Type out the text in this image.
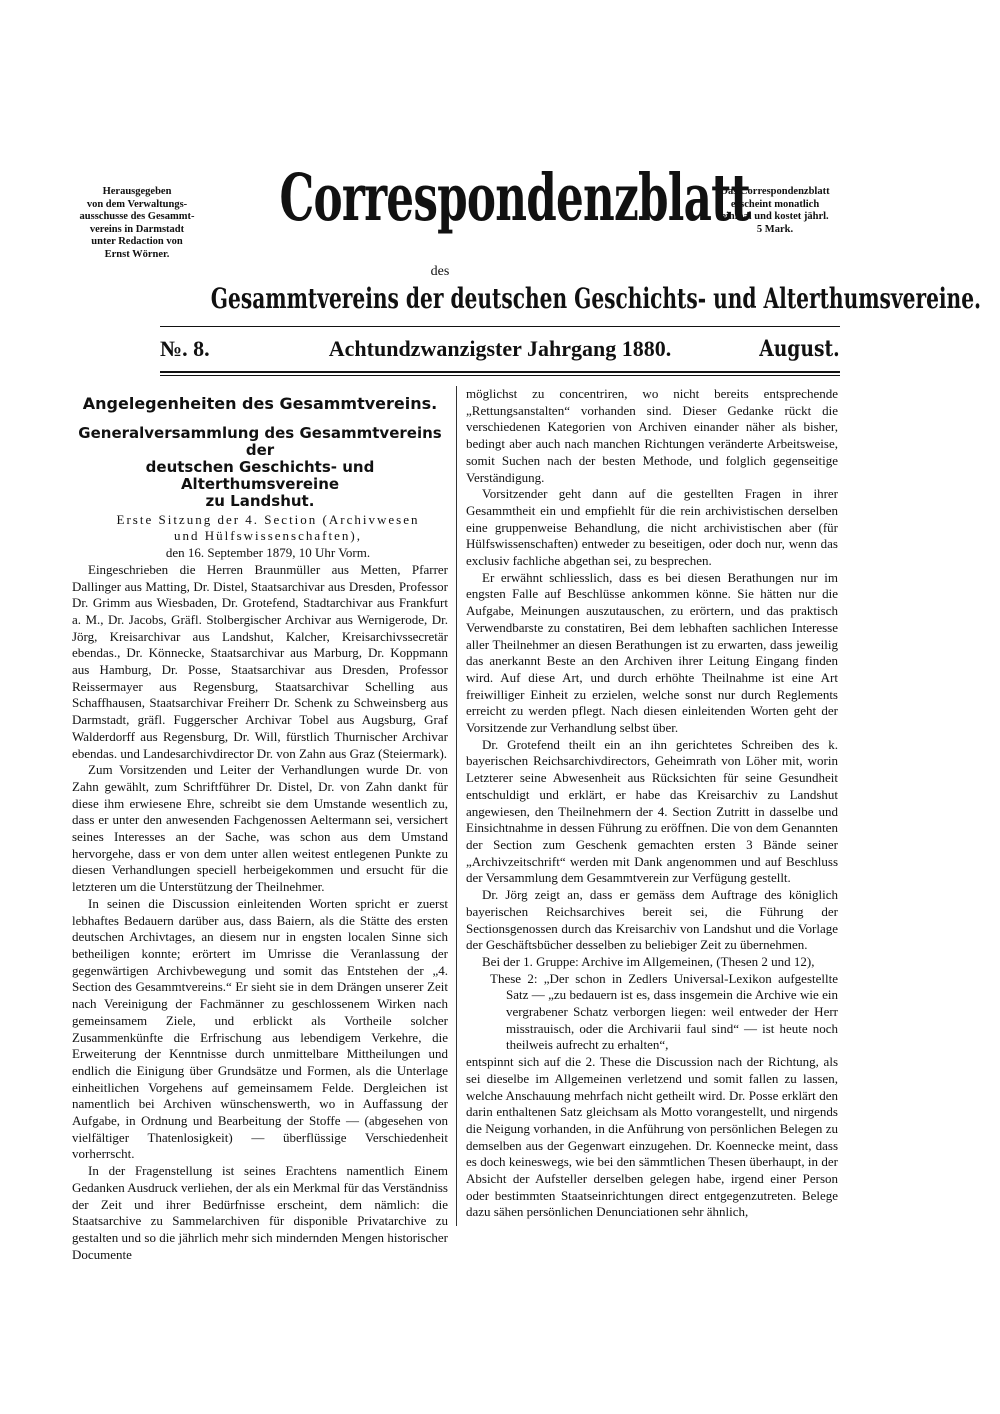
Herausgegeben
von dem Verwaltungs-
ausschusse des Gesammt-
vereins in Darmstadt
unter Redaction von
Ernst Wörner.
Correspondenzblatt
Das Correspondenzblatt
erscheint monatlich
einmal und kostet jährl.
5 Mark.
des
Gesammtvereins der deutschen Geschichts- und Alterthumsvereine.
№. 8.	Achtundzwanzigster Jahrgang 1880.	August.
Angelegenheiten des Gesammtvereins.
Generalversammlung des Gesammtvereins der
deutschen Geschichts- und Alterthumsvereine
zu Landshut.

Erste Sitzung der 4. Section (Archivwesen

und Hülfswissenschaften),

den 16. September 1879, 10 Uhr Vorm.

Eingeschrieben die Herren Braunmüller aus Metten, Pfarrer Dallinger aus Matting, Dr. Distel, Staatsarchivar aus Dresden, Professor Dr. Grimm aus Wiesbaden, Dr. Grotefend, Stadtarchivar aus Frankfurt a. M., Dr. Jacobs, Gräfl. Stolbergischer Archivar aus Wernigerode, Dr. Jörg, Kreisarchivar aus Landshut, Kalcher, Kreisarchivssecretär ebendas., Dr. Könnecke, Staatsarchivar aus Marburg, Dr. Koppmann aus Hamburg, Dr. Posse, Staatsarchivar aus Dresden, Professor Reissermayer aus Regensburg, Staatsarchivar Schelling aus Schaffhausen, Staatsarchivar Freiherr Dr. Schenk zu Schweinsberg aus Darmstadt, gräfl. Fuggerscher Archivar Tobel aus Augsburg, Graf Walderdorff aus Regensburg, Dr. Will, fürstlich Thurnischer Archivar ebendas. und Landesarchivdirector Dr. von Zahn aus Graz (Steiermark).

Zum Vorsitzenden und Leiter der Verhandlungen wurde Dr. von Zahn gewählt, zum Schriftführer Dr. Distel, Dr. von Zahn dankt für diese ihm erwiesene Ehre, schreibt sie dem Umstande wesentlich zu, dass er unter den anwesenden Fachgenossen Aeltermann sei, versichert seines Interesses an der Sache, was schon aus dem Umstand hervorgehe, dass er von dem unter allen weitest entlegenen Punkte zu diesen Verhandlungen speciell herbeigekommen und ersucht für die letzteren um die Unterstützung der Theilnehmer.

In seinen die Discussion einleitenden Worten spricht er zuerst lebhaftes Bedauern darüber aus, dass Baiern, als die Stätte des ersten deutschen Archivtages, an diesem nur in engsten localen Sinne sich betheiligen konnte; erörtert im Umrisse die Veranlassung der gegenwärtigen Archivbewegung und somit das Entstehen der „4. Section des Gesammtvereins.“ Er sieht sie in dem Drängen unserer Zeit nach Vereinigung der Fachmänner zu geschlossenem Wirken nach gemeinsamem Ziele, und erblickt als Vortheile solcher Zusammenkünfte die Erfrischung aus lebendigem Verkehre, die Erweiterung der Kenntnisse durch unmittelbare Mittheilungen und endlich die Einigung über Grundsätze und Formen, als die Unterlage einheitlichen Vorgehens auf gemeinsamem Felde. Dergleichen ist namentlich bei Archiven wünschenswerth, wo in Auffassung der Aufgabe, in Ordnung und Bearbeitung der Stoffe — (abgesehen von vielfältiger Thatenlosigkeit) — überflüssige Verschiedenheit vorherrscht.

In der Fragenstellung ist seines Erachtens namentlich Einem Gedanken Ausdruck verliehen, der als ein Merkmal für das Verständniss der Zeit und ihrer Bedürfnisse erscheint, dem nämlich: die Staatsarchive zu Sammelarchiven für disponible Privatarchive zu gestalten und so die jährlich mehr sich mindernden Mengen historischer Documente

möglichst zu concentriren, wo nicht bereits entsprechende „Rettungsanstalten“ vorhanden sind. Dieser Gedanke rückt die verschiedenen Kategorien von Archiven einander näher als bisher, bedingt aber auch nach manchen Richtungen veränderte Arbeitsweise, somit Suchen nach der besten Methode, und folglich gegenseitige Verständigung.

Vorsitzender geht dann auf die gestellten Fragen in ihrer Gesammtheit ein und empfiehlt für die rein archivistischen derselben eine gruppenweise Behandlung, die nicht archivistischen aber (für Hülfswissenschaften) entweder zu beseitigen, oder doch nur, wenn das exclusiv fachliche abgethan sei, zu besprechen.

Er erwähnt schliesslich, dass es bei diesen Berathungen nur im engsten Falle auf Beschlüsse ankommen könne. Sie hätten nur die Aufgabe, Meinungen auszutauschen, zu erörtern, und das praktisch Verwendbarste zu constatiren, Bei dem lebhaften sachlichen Interesse aller Theilnehmer an diesen Berathungen ist zu erwarten, dass jeweilig das anerkannt Beste an den Archiven ihrer Leitung Eingang finden wird. Auf diese Art, und durch erhöhte Theilnahme ist eine Art freiwilliger Einheit zu erzielen, welche sonst nur durch Reglements erreicht zu werden pflegt. Nach diesen einleitenden Worten geht der Vorsitzende zur Verhandlung selbst über.

Dr. Grotefend theilt ein an ihn gerichtetes Schreiben des k. bayerischen Reichsarchivdirectors, Geheimrath von Löher mit, worin Letzterer seine Abwesenheit aus Rücksichten für seine Gesundheit entschuldigt und erklärt, er habe das Kreisarchiv zu Landshut angewiesen, den Theilnehmern der 4. Section Zutritt in dasselbe und Einsichtnahme in dessen Führung zu eröffnen. Die von dem Genannten der Section zum Geschenk gemachten ersten 3 Bände seiner „Archivzeitschrift“ werden mit Dank angenommen und auf Beschluss der Versammlung dem Gesammtverein zur Verfügung gestellt.

Dr. Jörg zeigt an, dass er gemäss dem Auftrage des königlich bayerischen Reichsarchives bereit sei, die Führung der Sectionsgenossen durch das Kreisarchiv von Landshut und die Vorlage der Geschäftsbücher desselben zu beliebiger Zeit zu übernehmen.

Bei der 1. Gruppe: Archive im Allgemeinen, (Thesen 2 und 12),

These 2: „Der schon in Zedlers Universal-Lexikon aufgestellte Satz — „zu bedauern ist es, dass insgemein die Archive wie ein vergrabener Schatz verborgen liegen: weil entweder der Herr misstrauisch, oder die Archivarii faul sind“ — ist heute noch theilweis aufrecht zu erhalten“,

entspinnt sich auf die 2. These die Discussion nach der Richtung, als sei dieselbe im Allgemeinen verletzend und somit fallen zu lassen, welche Anschauung mehrfach nicht getheilt wird. Dr. Posse erklärt den darin enthaltenen Satz gleichsam als Motto vorangestellt, und nirgends die Neigung vorhanden, in die Anführung von persönlichen Belegen zu demselben aus der Gegenwart einzugehen. Dr. Koennecke meint, dass es doch keineswegs, wie bei den sämmtlichen Thesen überhaupt, in der Absicht der Aufsteller derselben gelegen habe, irgend einer Person oder bestimmten Staatseinrichtungen direct entgegenzutreten. Belege dazu sähen persönlichen Denunciationen sehr ähnlich,
